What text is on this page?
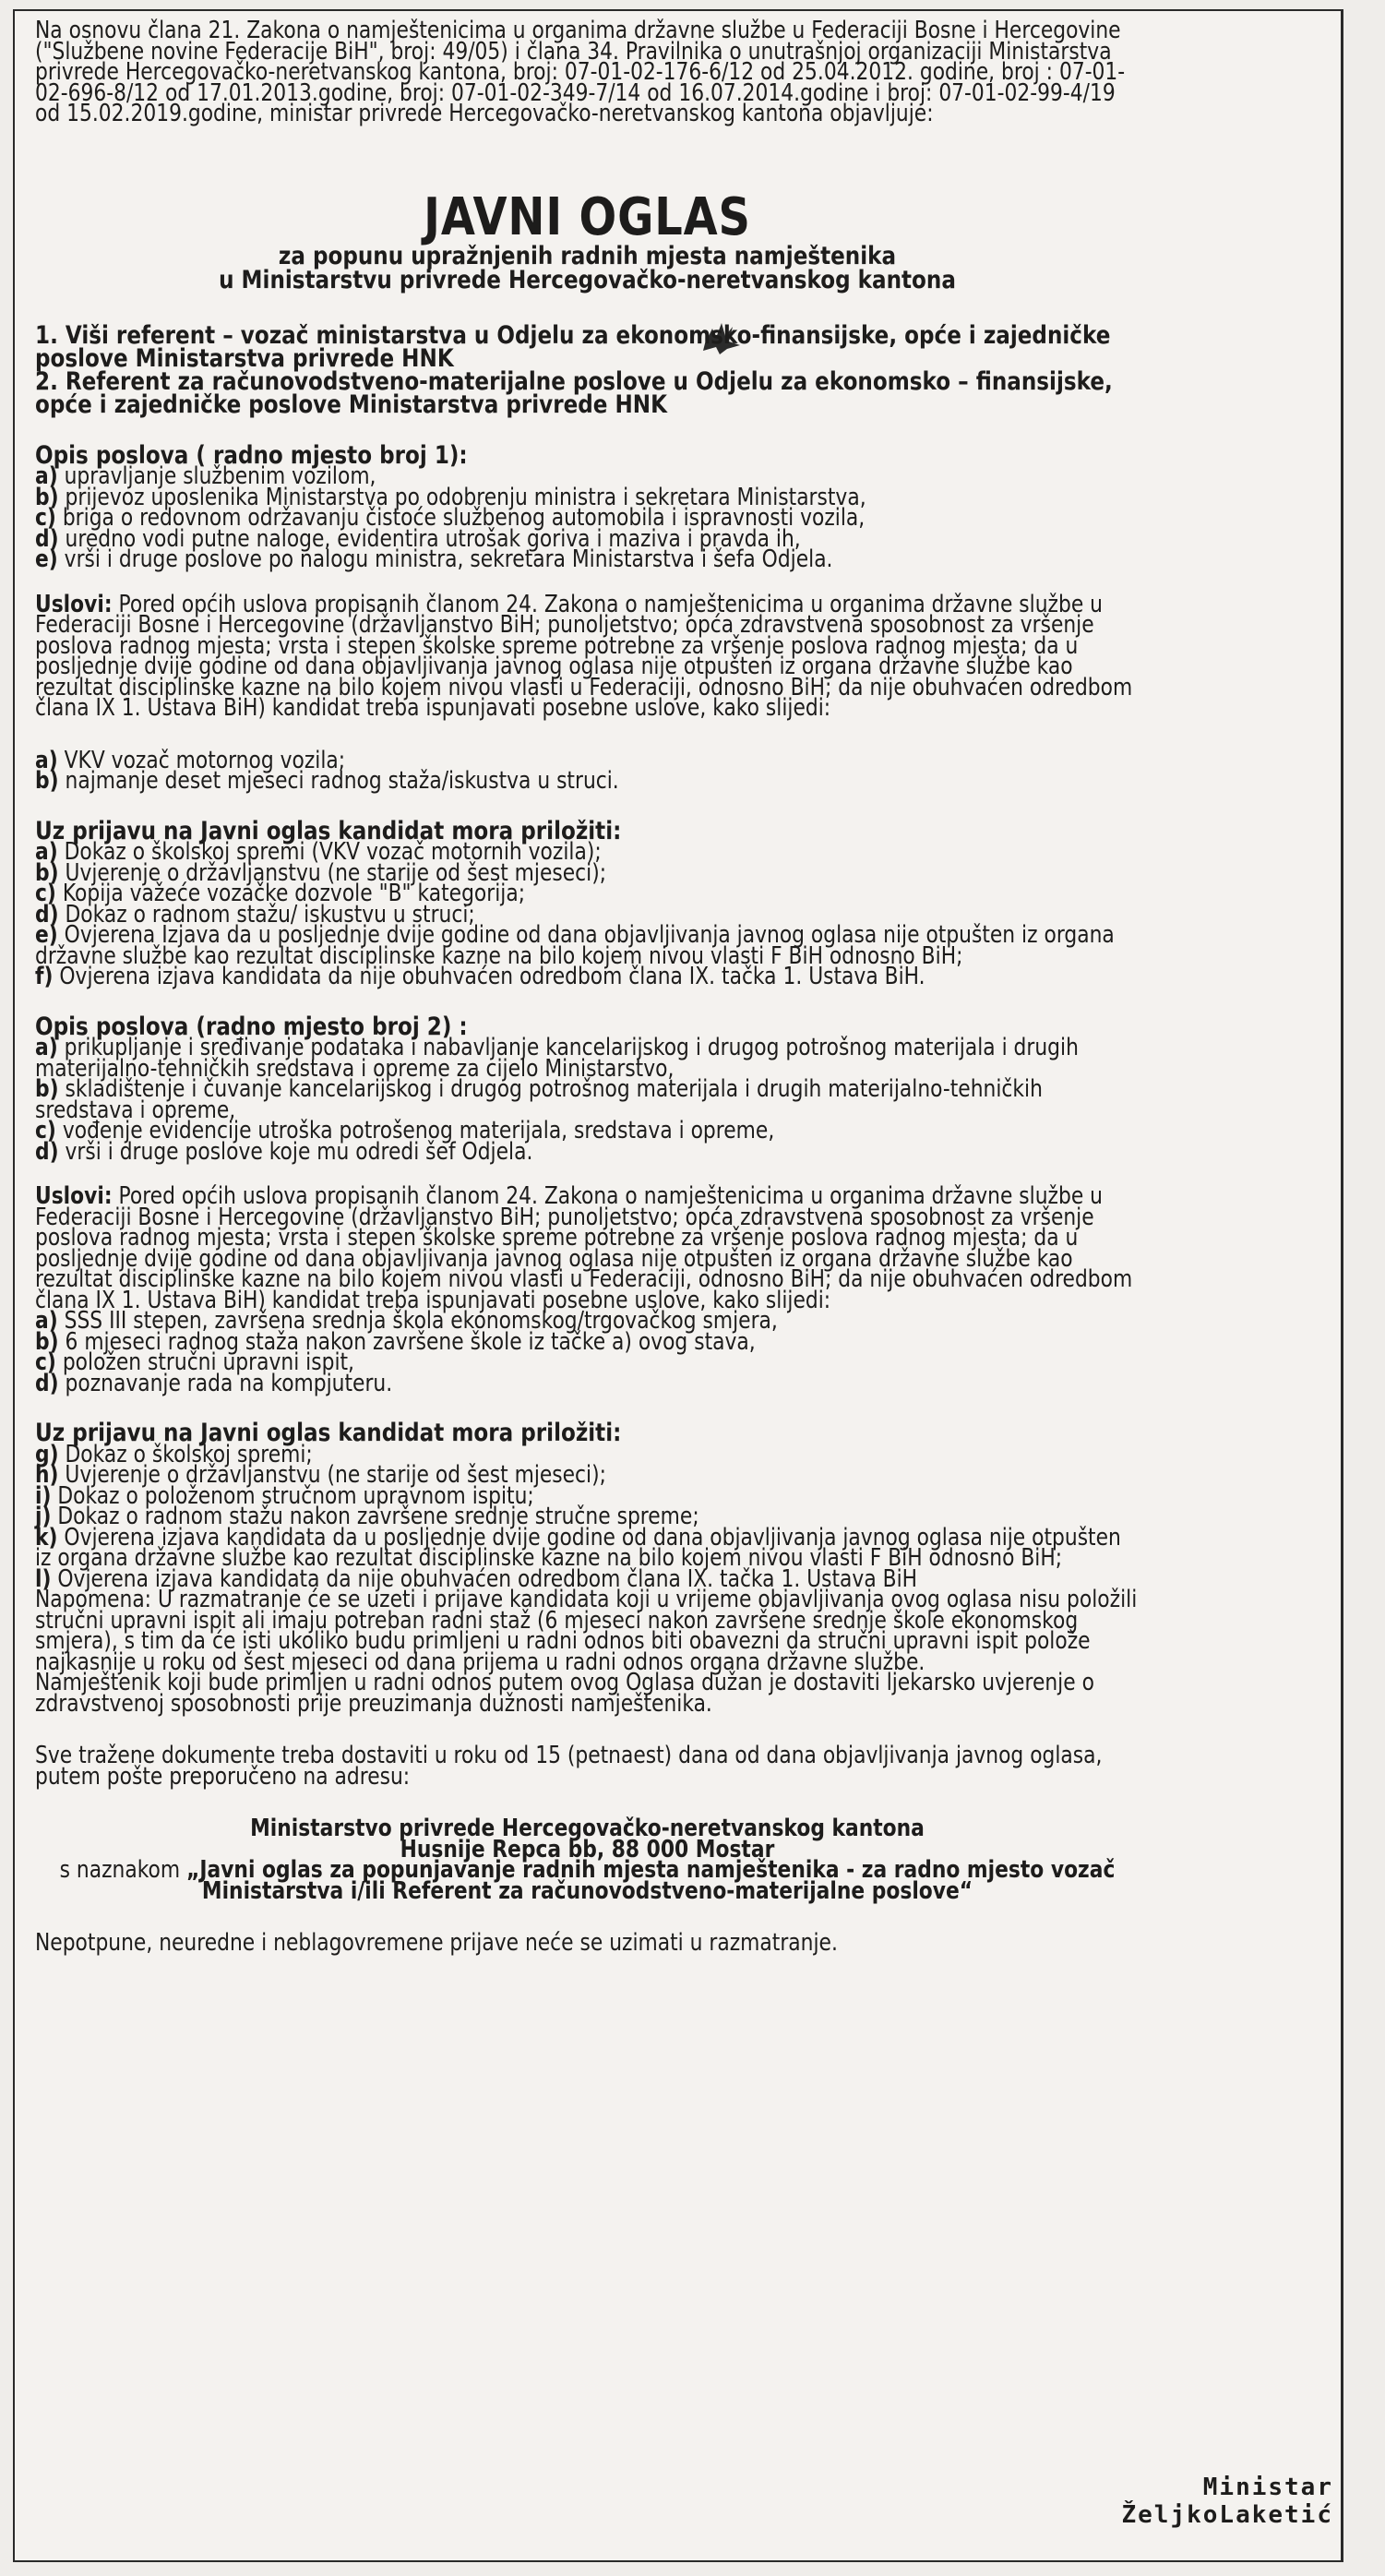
Na osnovu člana 21. Zakona o namještenicima u organima državne službe u Federaciji Bosne i Hercegovine ("Službene novine Federacije BiH", broj: 49/05) i člana 34. Pravilnika o unutrašnjoj organizaciji Ministarstva privrede Hercegovačko-neretvanskog kantona, broj: 07-01-02-176-6/12 od 25.04.2012. godine, broj : 07-01-02-696-8/12 od 17.01.2013.godine, broj: 07-01-02-349-7/14 od 16.07.2014.godine i broj: 07-01-02-99-4/19 od 15.02.2019.godine, ministar privrede Hercegovačko-neretvanskog kantona objavljuje:

JAVNI OGLAS

za popunu upražnjenih radnih mjesta namještenika
u Ministarstvu privrede Hercegovačko-neretvanskog kantona

1. Viši referent – vozač ministarstva u Odjelu za ekonomsko-finansijske, opće i zajedničke poslove Ministarstva privrede HNK

2. Referent za računovodstveno-materijalne poslove u Odjelu za ekonomsko – finansijske, opće i zajedničke poslove Ministarstva privrede HNK

Opis poslova ( radno mjesto broj 1):

a) upravljanje službenim vozilom,
b) prijevoz uposlenika Ministarstva po odobrenju ministra i sekretara Ministarstva,
c) briga o redovnom održavanju čistoće službenog automobila i ispravnosti vozila,
d) uredno vodi putne naloge, evidentira utrošak goriva i maziva i pravda ih,
e) vrši i druge poslove po nalogu ministra, sekretara Ministarstva i šefa Odjela.

Uslovi: Pored općih uslova propisanih članom 24. Zakona o namještenicima u organima državne službe u Federaciji Bosne i Hercegovine (državljanstvo BiH; punoljetstvo; opća zdravstvena sposobnost za vršenje poslova radnog mjesta; vrsta i stepen školske spreme potrebne za vršenje poslova radnog mjesta; da u posljednje dvije godine od dana objavljivanja javnog oglasa nije otpušten iz organa državne službe kao rezultat disciplinske kazne na bilo kojem nivou vlasti u Federaciji, odnosno BiH; da nije obuhvaćen odredbom člana IX 1. Ustava BiH) kandidat treba ispunjavati posebne uslove, kako slijedi:

a) VKV vozač motornog vozila;
b) najmanje deset mjeseci radnog staža/iskustva u struci.

Uz prijavu na Javni oglas kandidat mora priložiti:

a) Dokaz o školskoj spremi (VKV vozač motornih vozila);
b) Uvjerenje o državljanstvu (ne starije od šest mjeseci);
c) Kopija važeće vozačke dozvole "B" kategorija;
d) Dokaz o radnom stažu/ iskustvu u struci;
e) Ovjerena Izjava da u posljednje dvije godine od dana objavljivanja javnog oglasa nije otpušten iz organa državne službe kao rezultat disciplinske kazne na bilo kojem nivou vlasti F BiH odnosno BiH;
f) Ovjerena izjava kandidata da nije obuhvaćen odredbom člana IX. tačka 1. Ustava BiH.

Opis poslova (radno mjesto broj 2) :

a) prikupljanje i sređivanje podataka i nabavljanje kancelarijskog i drugog potrošnog materijala i drugih materijalno-tehničkih sredstava i opreme za cijelo Ministarstvo,
b) skladištenje i čuvanje kancelarijskog i drugog potrošnog materijala i drugih materijalno-tehničkih sredstava i opreme,
c) vođenje evidencije utroška potrošenog materijala, sredstava i opreme,
d) vrši i druge poslove koje mu odredi šef Odjela.

Uslovi: Pored općih uslova propisanih članom 24. Zakona o namještenicima u organima državne službe u Federaciji Bosne i Hercegovine (državljanstvo BiH; punoljetstvo; opća zdravstvena sposobnost za vršenje poslova radnog mjesta; vrsta i stepen školske spreme potrebne za vršenje poslova radnog mjesta; da u posljednje dvije godine od dana objavljivanja javnog oglasa nije otpušten iz organa državne službe kao rezultat disciplinske kazne na bilo kojem nivou vlasti u Federaciji, odnosno BiH; da nije obuhvaćen odredbom člana IX 1. Ustava BiH) kandidat treba ispunjavati posebne uslove, kako slijedi:

a) SSS III stepen, završena srednja škola ekonomskog/trgovačkog smjera,
b) 6 mjeseci radnog staža nakon završene škole iz tačke a) ovog stava,
c) položen stručni upravni ispit,
d) poznavanje rada na kompjuteru.

Uz prijavu na Javni oglas kandidat mora priložiti:

g) Dokaz o školskoj spremi;
h) Uvjerenje o državljanstvu (ne starije od šest mjeseci);
i) Dokaz o položenom stručnom upravnom ispitu;
j) Dokaz o radnom stažu nakon završene srednje stručne spreme;
k) Ovjerena izjava kandidata da u posljednje dvije godine od dana objavljivanja javnog oglasa nije otpušten iz organa državne službe kao rezultat disciplinske kazne na bilo kojem nivou vlasti F BiH odnosno BiH;
l) Ovjerena izjava kandidata da nije obuhvaćen odredbom člana IX. tačka 1. Ustava BiH

Napomena: U razmatranje će se uzeti i prijave kandidata koji u vrijeme objavljivanja ovog oglasa nisu položili stručni upravni ispit ali imaju potreban radni staž (6 mjeseci nakon završene srednje škole ekonomskog smjera), s tim da će isti ukoliko budu primljeni u radni odnos biti obavezni da stručni upravni ispit polože najkasnije u roku od šest mjeseci od dana prijema u radni odnos organa državne službe.

Namještenik koji bude primljen u radni odnos putem ovog Oglasa dužan je dostaviti ljekarsko uvjerenje o zdravstvenoj sposobnosti prije preuzimanja dužnosti namještenika.

Sve tražene dokumente treba dostaviti u roku od 15 (petnaest) dana od dana objavljivanja javnog oglasa, putem pošte preporučeno na adresu:

Ministarstvo privrede Hercegovačko-neretvanskog kantona

Husnije Repca bb, 88 000 Mostar

s naznakom „Javni oglas za popunjavanje radnih mjesta namještenika - za radno mjesto vozač Ministarstva i/ili Referent za računovodstveno-materijalne poslove“

Nepotpune, neuredne i neblagovremene prijave neće se uzimati u razmatranje.

Ministar
ŽeljkoLaketić
